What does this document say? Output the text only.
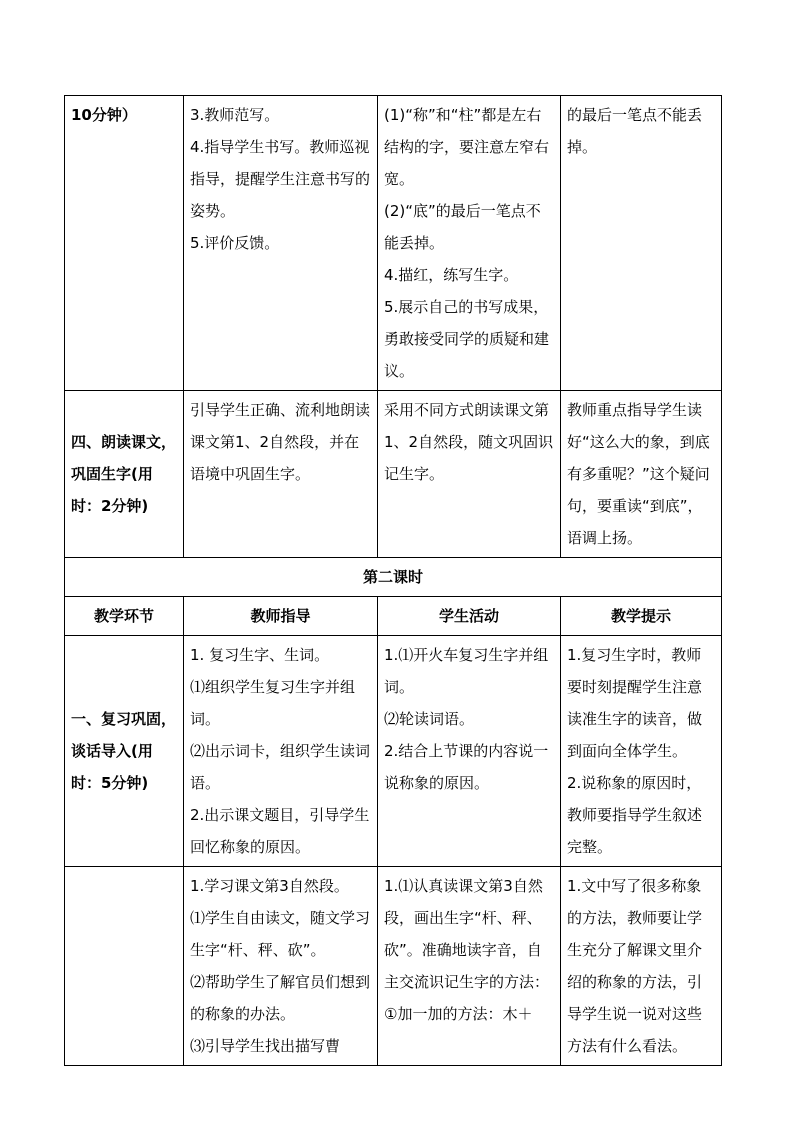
10分钟）	3.教师范写。
4.指导学生书写。教师巡视指导，提醒学生注意书写的姿势。
5.评价反馈。	(1)“称”和“柱”都是左右结构的字，要注意左窄右宽。
(2)“底”的最后一笔点不能丢掉。
4.描红，练写生字。
5.展示自己的书写成果，勇敢接受同学的质疑和建议。	的最后一笔点不能丢掉。

四、朗读课文，巩固生字(用时：2分钟)	引导学生正确、流利地朗读课文第1、2自然段，并在语境中巩固生字。	采用不同方式朗读课文第1、2自然段，随文巩固识记生字。	教师重点指导学生读好“这么大的象，到底有多重呢？”这个疑问句，要重读“到底”，语调上扬。

第二课时			
教学环节	教师指导	学生活动	教学提示
一、复习巩固，谈话导入(用时：5分钟)	1. 复习生字、生词。
⑴组织学生复习生字并组词。
⑵出示词卡，组织学生读词语。
2.出示课文题目，引导学生回忆称象的原因。	1.⑴开火车复习生字并组词。
⑵轮读词语。
2.结合上节课的内容说一说称象的原因。	1.复习生字时，教师要时刻提醒学生注意读准生字的读音，做到面向全体学生。
2.说称象的原因时，教师要指导学生叙述完整。

	1.学习课文第3自然段。
⑴学生自由读文，随文学习生字“杆、秤、砍”。
⑵帮助学生了解官员们想到的称象的办法。
⑶引导学生找出描写曹	1.⑴认真读课文第3自然段，画出生字“杆、秤、砍”。准确地读字音，自主交流识记生字的方法：
①加一加的方法：木＋	1.文中写了很多称象的方法，教师要让学生充分了解课文里介绍的称象的方法，引导学生说一说对这些方法有什么看法。
